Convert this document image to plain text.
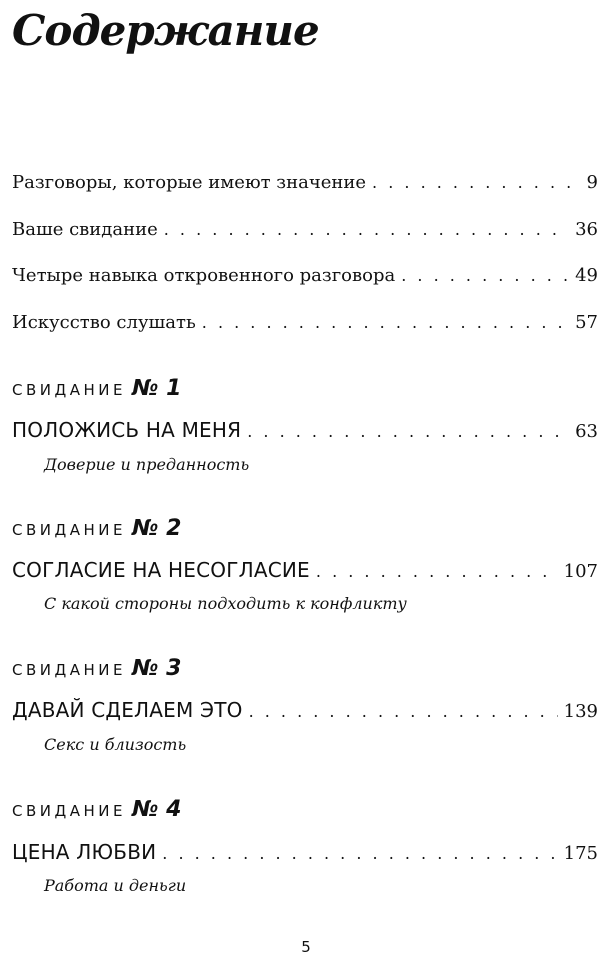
Содержание
Разговоры, которые имеют значение . . .	9
Ваше свидание . . .	36
Четыре навыка откровенного разговора . . .	49
Искусство слушать . . .	57
СВИДАНИЕ № 1
ПОЛОЖИСЬ НА МЕНЯ . . .	63
Доверие и преданность
СВИДАНИЕ № 2
СОГЛАСИЕ НА НЕСОГЛАСИЕ . . .	107
С какой стороны подходить к конфликту
СВИДАНИЕ № 3
ДАВАЙ СДЕЛАЕМ ЭТО . . .	139
Секс и близость
СВИДАНИЕ № 4
ЦЕНА ЛЮБВИ . . .	175
Работа и деньги
5
